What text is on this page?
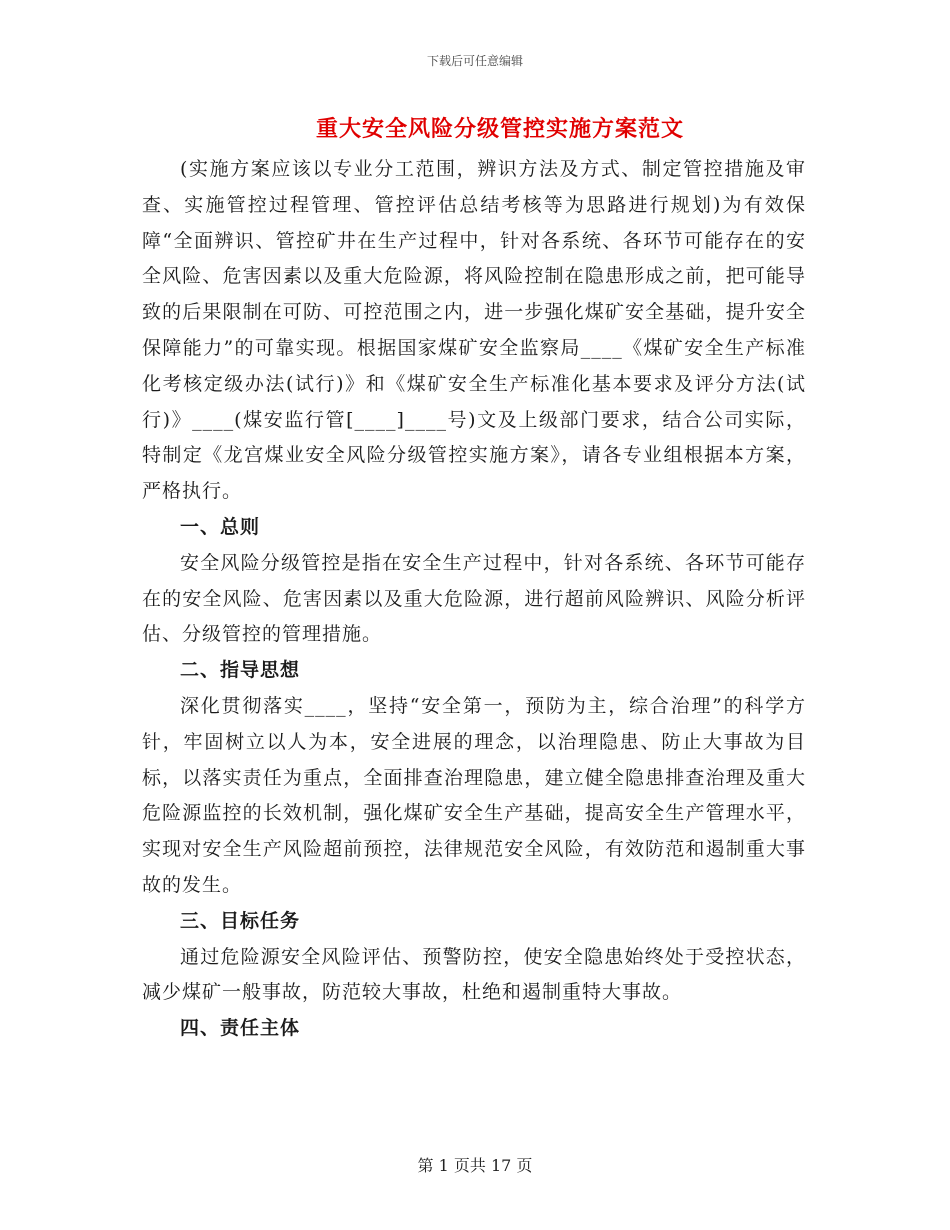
下载后可任意编辑
重大安全风险分级管控实施方案范文

(实施方案应该以专业分工范围，辨识方法及方式、制定管控措施及审查、实施管控过程管理、管控评估总结考核等为思路进行规划)为有效保障“全面辨识、管控矿井在生产过程中，针对各系统、各环节可能存在的安全风险、危害因素以及重大危险源，将风险控制在隐患形成之前，把可能导致的后果限制在可防、可控范围之内，进一步强化煤矿安全基础，提升安全保障能力”的可靠实现。根据国家煤矿安全监察局____《煤矿安全生产标准化考核定级办法(试行)》和《煤矿安全生产标准化基本要求及评分方法(试行)》____(煤安监行管[____]____号)文及上级部门要求，结合公司实际，特制定《龙宫煤业安全风险分级管控实施方案》，请各专业组根据本方案，严格执行。

一、总则

安全风险分级管控是指在安全生产过程中，针对各系统、各环节可能存在的安全风险、危害因素以及重大危险源，进行超前风险辨识、风险分析评估、分级管控的管理措施。

二、指导思想

深化贯彻落实____，坚持“安全第一，预防为主，综合治理”的科学方针，牢固树立以人为本，安全进展的理念，以治理隐患、防止大事故为目标，以落实责任为重点，全面排查治理隐患，建立健全隐患排查治理及重大危险源监控的长效机制，强化煤矿安全生产基础，提高安全生产管理水平，实现对安全生产风险超前预控，法律规范安全风险，有效防范和遏制重大事故的发生。

三、目标任务

通过危险源安全风险评估、预警防控，使安全隐患始终处于受控状态，减少煤矿一般事故，防范较大事故，杜绝和遏制重特大事故。

四、责任主体

第 1 页共 17 页
